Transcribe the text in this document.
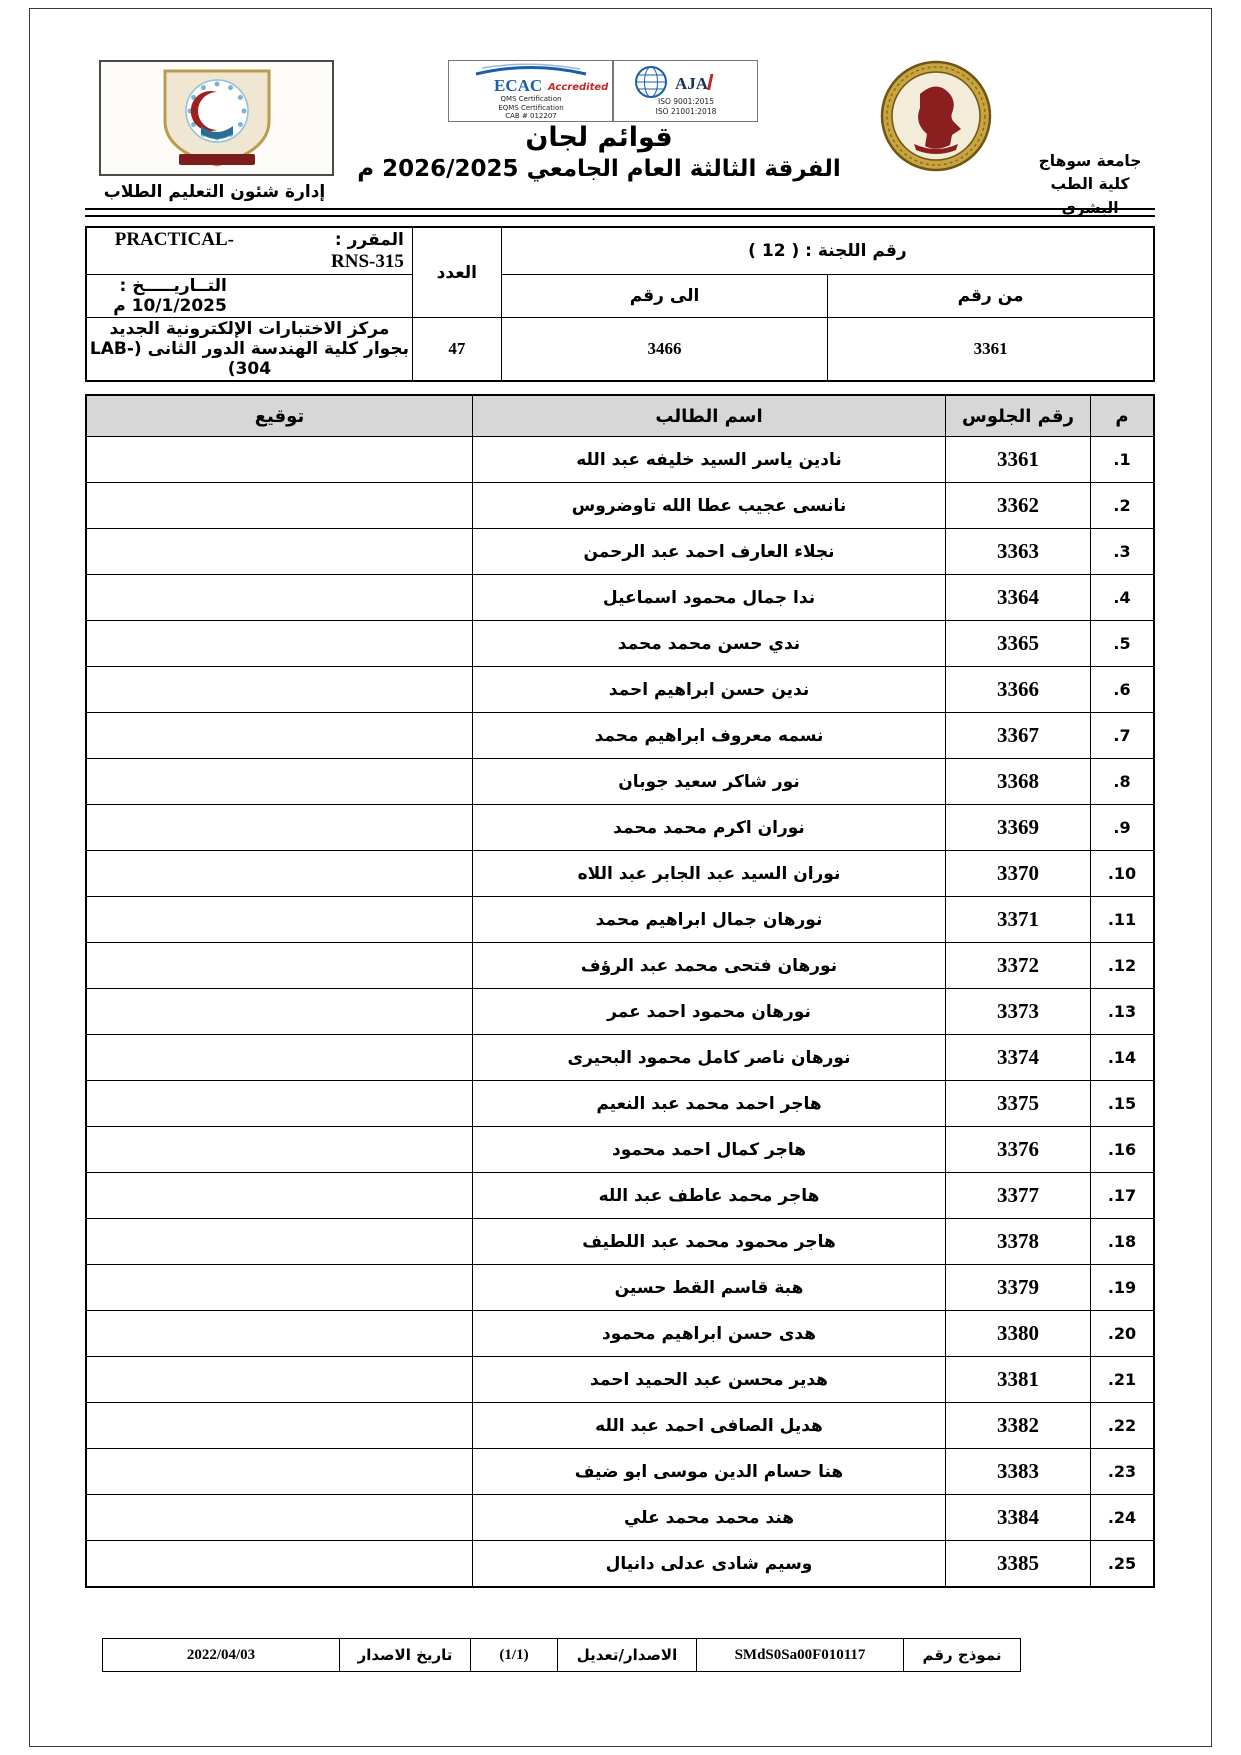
جامعة سوهاج
كلية الطب البشرى
ECAC Accredited
QMS Certification
EQMS Certification
CAB # 012207
AJA
ISO 9001:2015
ISO 21001:2018
قوائم لجان
الفرقة الثالثة العام الجامعي 2026/2025 م
إدارة شئون التعليم الطلاب
رقم اللجنة : ( 12 )		العدد	المقرر : PRACTICAL-RNS-315
من رقم	الى رقم		التــاريـــــخ : 10/1/2025 م
3361	3466	47	مركز الاختبارات الإلكترونية الجديد بجوار كلية الهندسة الدور الثانى (LAB-304)
م	رقم الجلوس	اسم الطالب	توقيع
1.	3361	نادين ياسر السيد خليفه عبد الله	
2.	3362	نانسى عجيب عطا الله تاوضروس	
3.	3363	نجلاء العارف احمد عبد الرحمن	
4.	3364	ندا جمال محمود اسماعيل	
5.	3365	ندي حسن محمد محمد	
6.	3366	ندين حسن ابراهيم احمد	
7.	3367	نسمه معروف ابراهيم محمد	
8.	3368	نور شاكر سعيد جوبان	
9.	3369	نوران اكرم محمد محمد	
10.	3370	نوران السيد عبد الجابر عبد اللاه	
11.	3371	نورهان جمال ابراهيم محمد	
12.	3372	نورهان فتحى محمد عبد الرؤف	
13.	3373	نورهان محمود احمد عمر	
14.	3374	نورهان ناصر كامل محمود البحيرى	
15.	3375	هاجر احمد محمد عبد النعيم	
16.	3376	هاجر كمال احمد محمود	
17.	3377	هاجر محمد عاطف عبد الله	
18.	3378	هاجر محمود محمد عبد اللطيف	
19.	3379	هبة قاسم القط حسين	
20.	3380	هدى حسن ابراهيم محمود	
21.	3381	هدير محسن عبد الحميد احمد	
22.	3382	هديل الصافى احمد عبد الله	
23.	3383	هنا حسام الدين موسى ابو ضيف	
24.	3384	هند محمد محمد علي	
25.	3385	وسيم شادى عدلى دانيال	
نموذج رقم	SMdS0Sa00F010117	الاصدار/تعديل	(1/1)	تاريخ الاصدار	2022/04/03
